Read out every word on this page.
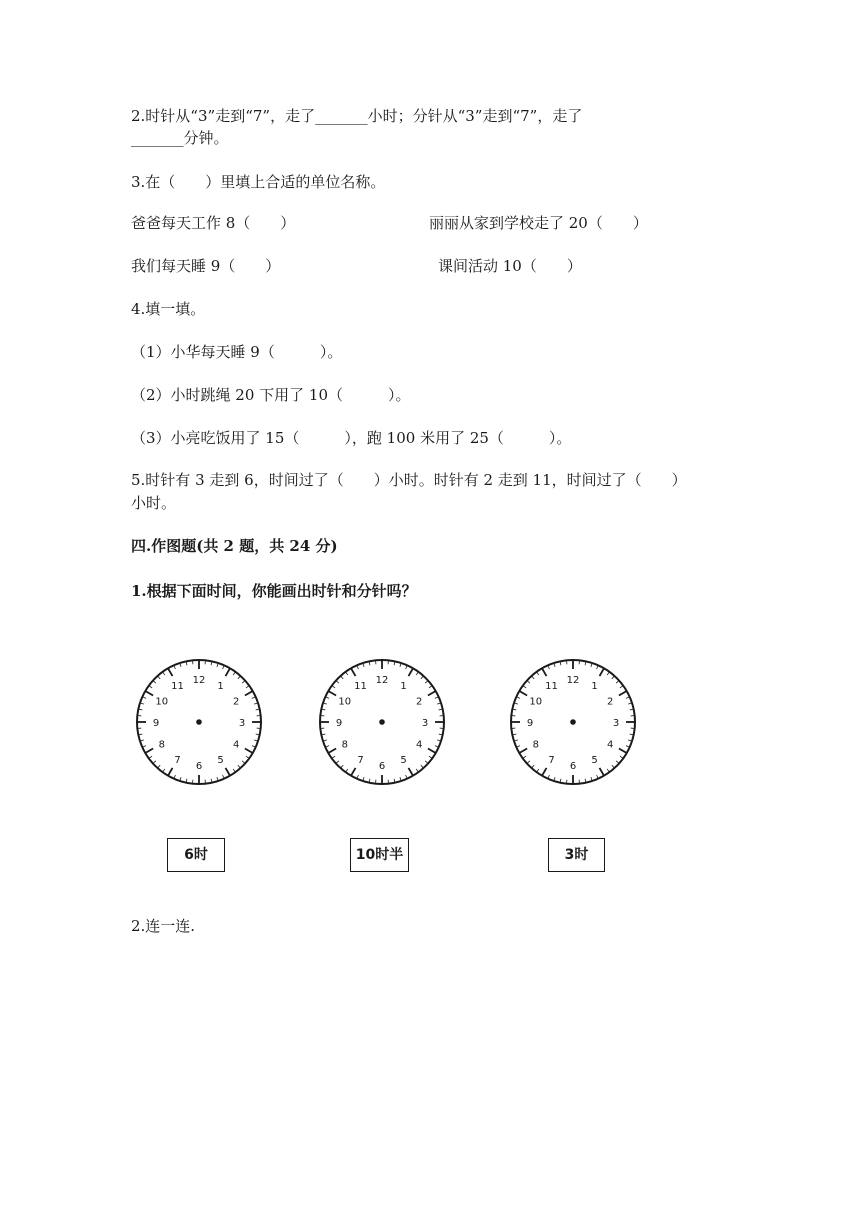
2.时针从“3”走到“7”，走了_______小时；分针从“3”走到“7”，走了
_______分钟。
3.在（　　）里填上合适的单位名称。
爸爸每天工作 8（　　）	丽丽从家到学校走了 20（　　）
我们每天睡 9（　　）	课间活动 10（　　）
4.填一填。
（1）小华每天睡 9（　　　）。
（2）小时跳绳 20 下用了 10（　　　）。
（3）小亮吃饭用了 15（　　　），跑 100 米用了 25（　　　）。
5.时针有 3 走到 6，时间过了（　　）小时。时针有 2 走到 11，时间过了（　　）
小时。
四.作图题(共 2 题，共 24 分)
1.根据下面时间，你能画出时针和分针吗？
12
1
2
3
4
5
6
7
8
9
10
11
12
1
2
3
4
5
6
7
8
9
10
11
12
1
2
3
4
5
6
7
8
9
10
11
6时	10时半	3时
2.连一连.
